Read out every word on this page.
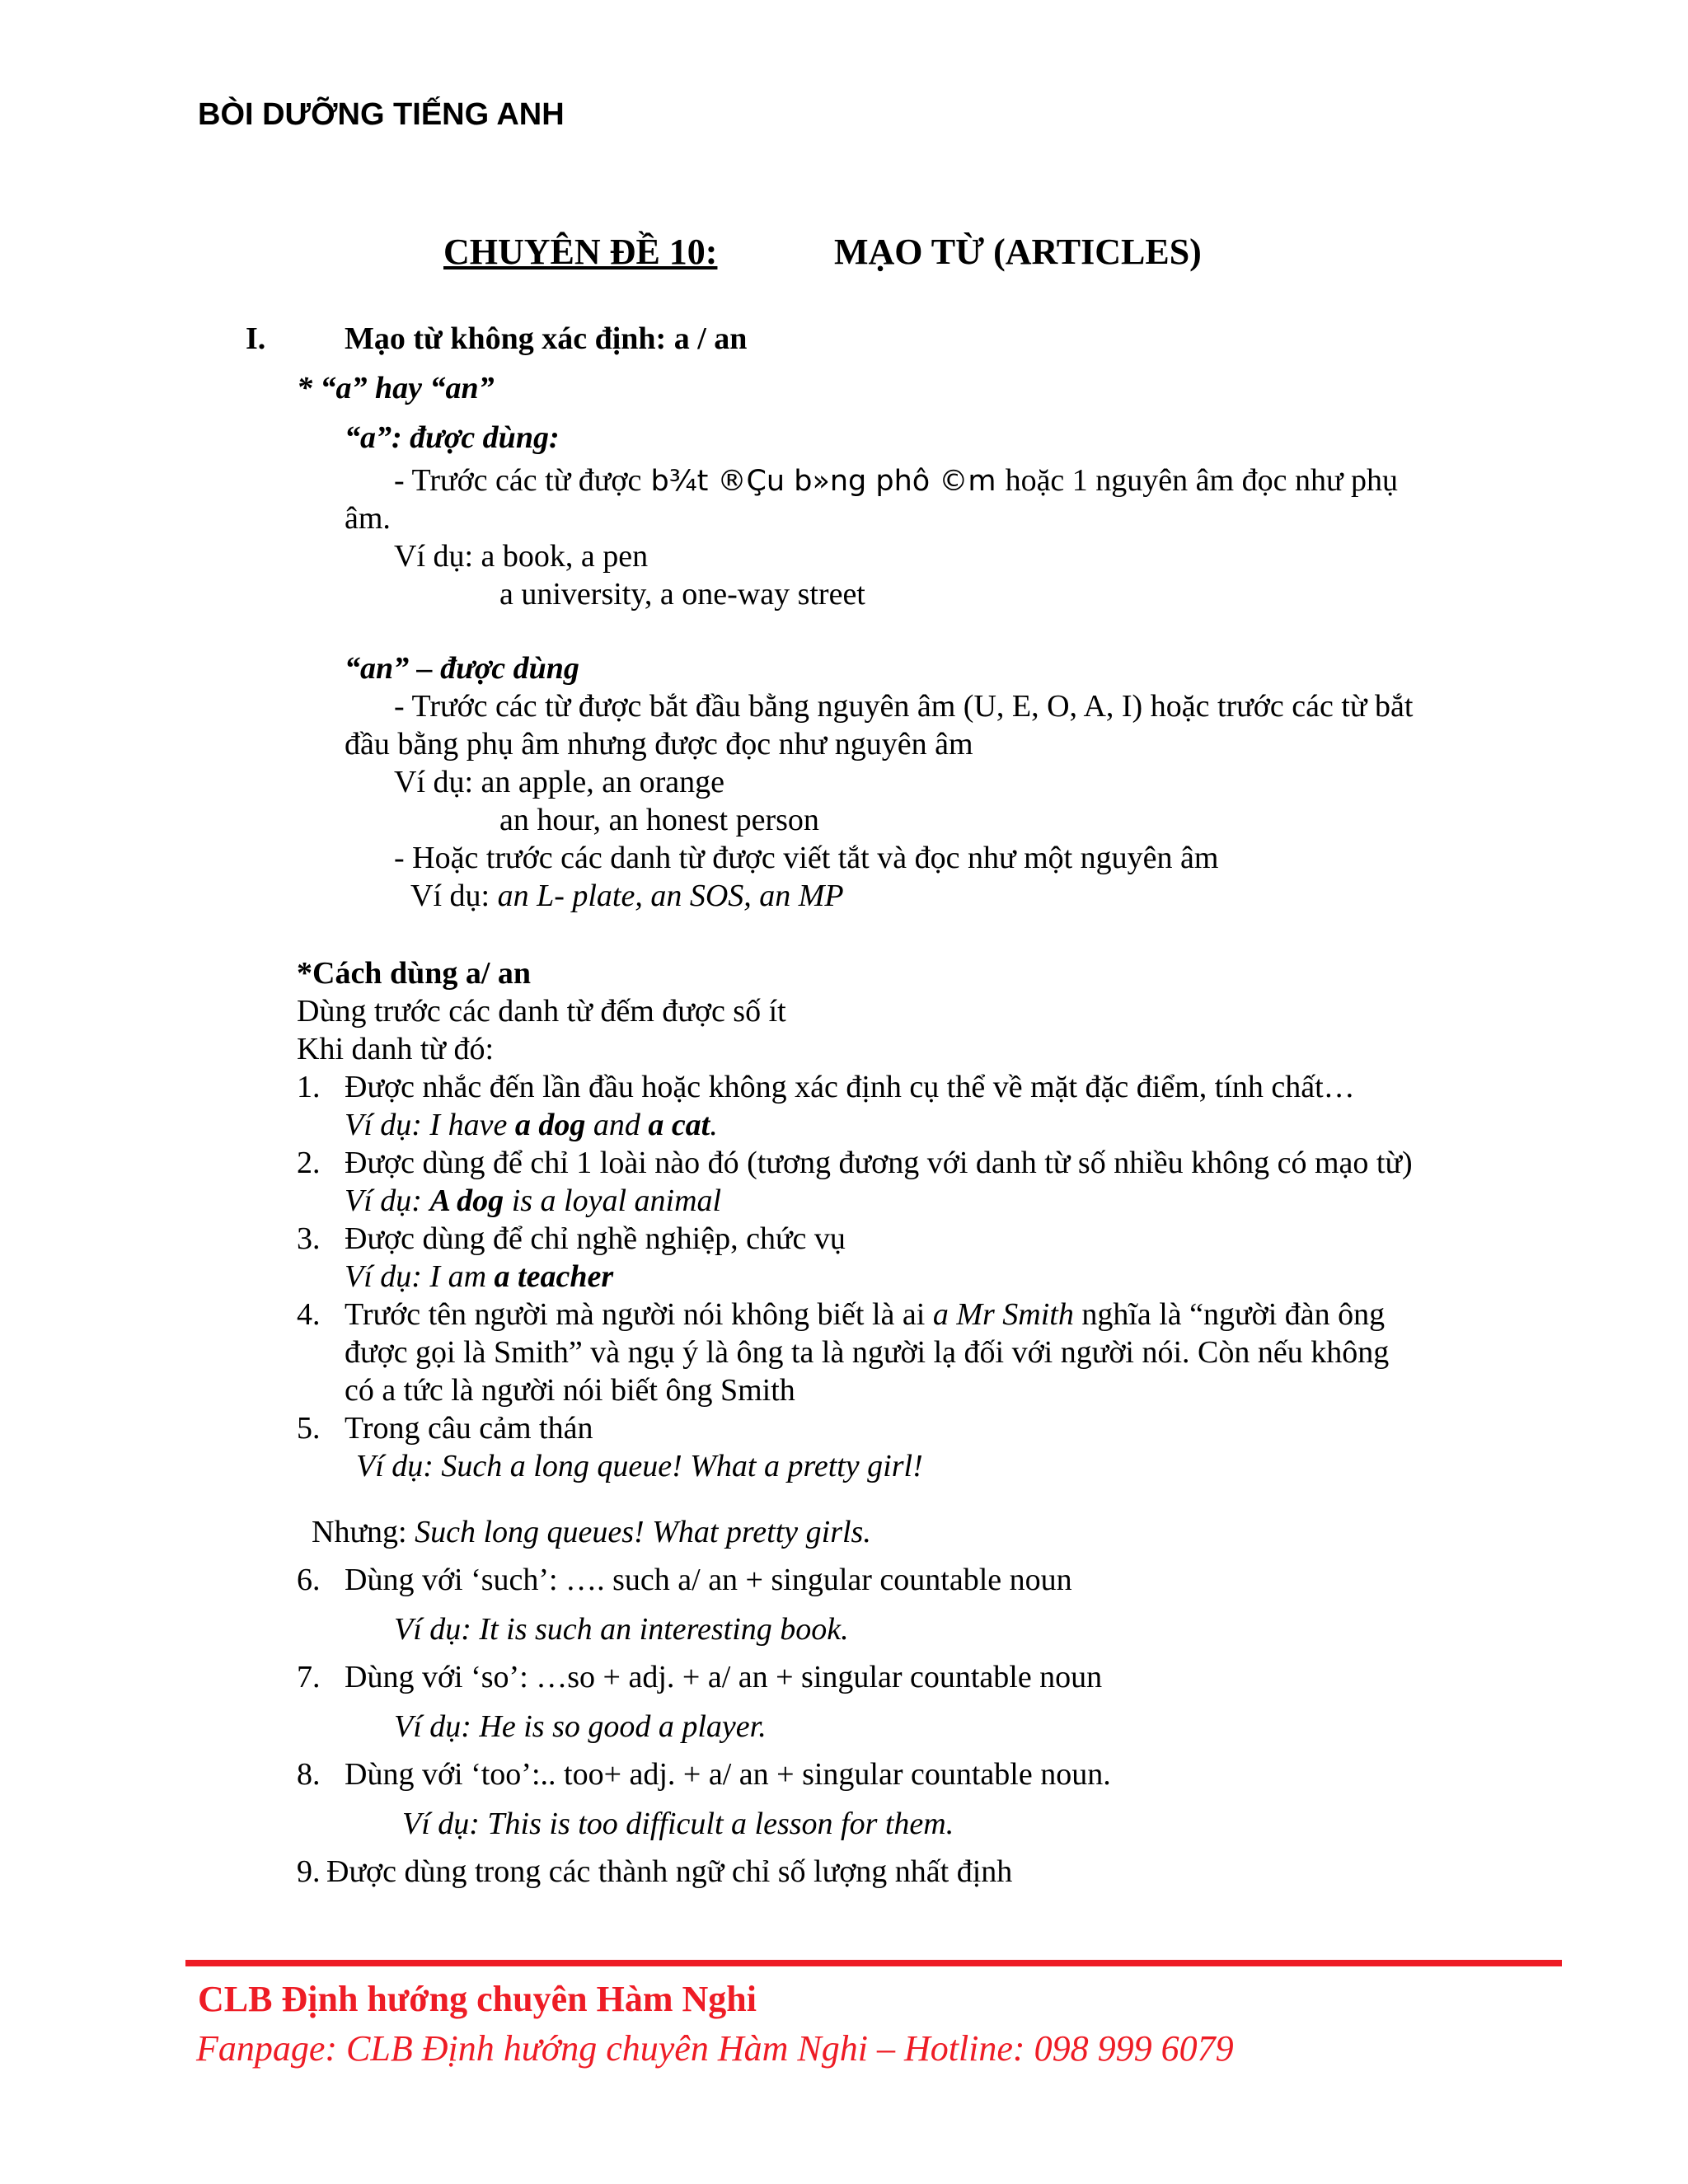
BÒI DƯỠNG TIẾNG ANH
CHUYÊN ĐỀ 10:	MẠO TỪ (ARTICLES)
I.	Mạo từ không xác định: a / an
* “a” hay “an”
“a”: được dùng:
- Trước các từ được b¾t ®Çu b»ng phô ©m hoặc 1 nguyên âm đọc như phụ
âm.
Ví dụ: a book, a pen
a university, a one-way street
“an” – được dùng
- Trước các từ được bắt đầu bằng nguyên âm (U, E, O, A, I) hoặc trước các từ bắt
đầu bằng phụ âm nhưng được đọc như nguyên âm
Ví dụ: an apple, an orange
an hour, an honest person
- Hoặc trước các danh từ được viết tắt và đọc như một nguyên âm
Ví dụ: an L- plate, an SOS, an MP
*Cách dùng a/ an
Dùng trước các danh từ đếm được số ít
Khi danh từ đó:
1. Được nhắc đến lần đầu hoặc không xác định cụ thể về mặt đặc điểm, tính chất…
Ví dụ: I have a dog and a cat.
2. Được dùng để chỉ 1 loài nào đó (tương đương với danh từ số nhiều không có mạo từ)
Ví dụ: A dog is a loyal animal
3. Được dùng để chỉ nghề nghiệp, chức vụ
Ví dụ: I am a teacher
4. Trước tên người mà người nói không biết là ai a Mr Smith nghĩa là “người đàn ông
được gọi là Smith” và ngụ ý là ông ta là người lạ đối với người nói. Còn nếu không
có a tức là người nói biết ông Smith
5. Trong câu cảm thán
Ví dụ: Such a long queue! What a pretty girl!
Nhưng: Such long queues! What pretty girls.
6. Dùng với ‘such’: …. such a/ an + singular countable noun
Ví dụ: It is such an interesting book.
7. Dùng với ‘so’: …so + adj. + a/ an + singular countable noun
Ví dụ: He is so good a player.
8. Dùng với ‘too’:.. too+ adj. + a/ an + singular countable noun.
Ví dụ: This is too difficult a lesson for them.
9. Được dùng trong các thành ngữ chỉ số lượng nhất định
CLB Định hướng chuyên Hàm Nghi
Fanpage: CLB Định hướng chuyên Hàm Nghi – Hotline: 098 999 6079
